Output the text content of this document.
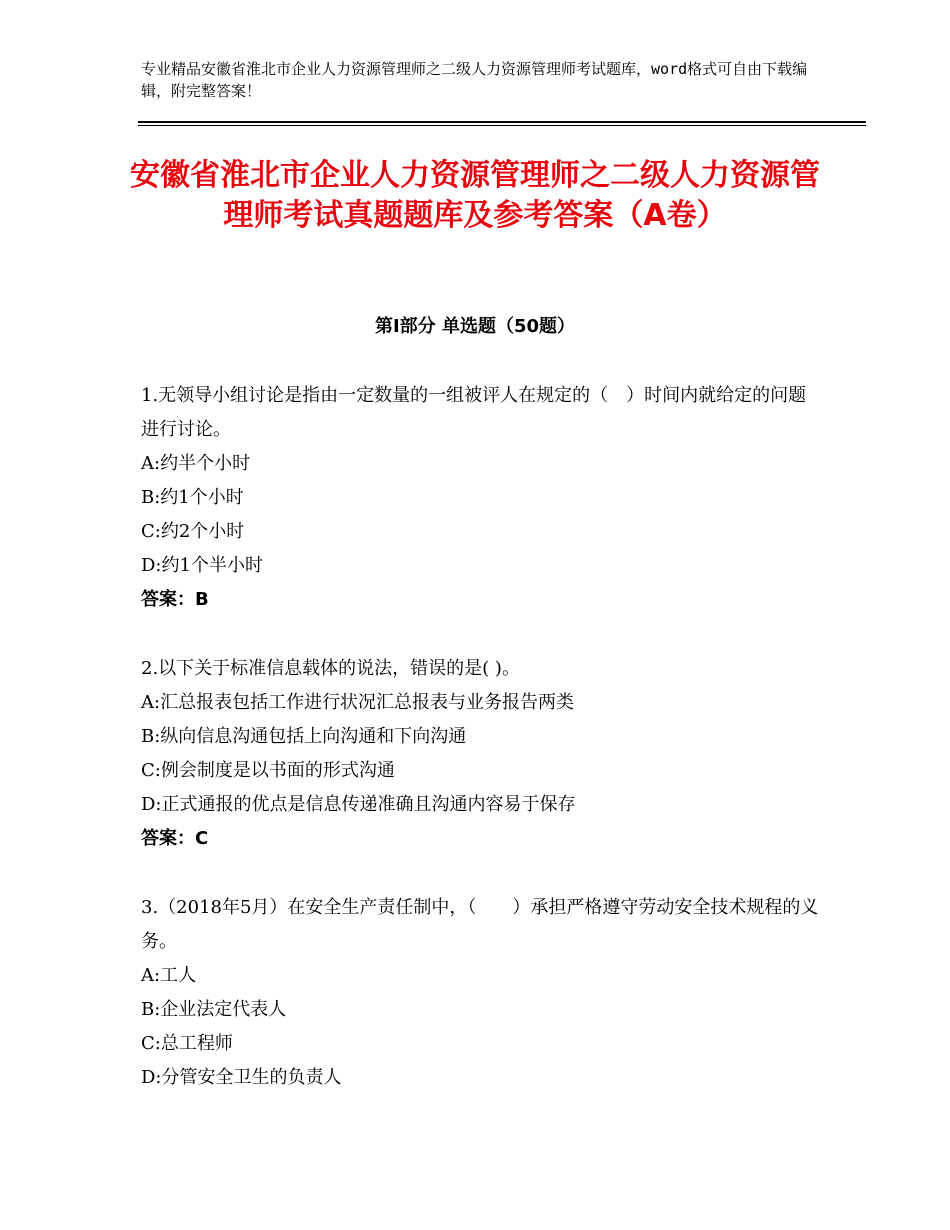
专业精品安徽省淮北市企业人力资源管理师之二级人力资源管理师考试题库，word格式可自由下载编辑，附完整答案！
安徽省淮北市企业人力资源管理师之二级人力资源管理师考试真题题库及参考答案（A卷）
第Ⅰ部分 单选题（50题）

1.无领导小组讨论是指由一定数量的一组被评人在规定的（　）时间内就给定的问题进行讨论。

A:约半个小时

B:约1个小时

C:约2个小时

D:约1个半小时

答案：B

2.以下关于标准信息载体的说法，错误的是( )。

A:汇总报表包括工作进行状况汇总报表与业务报告两类

B:纵向信息沟通包括上向沟通和下向沟通

C:例会制度是以书面的形式沟通

D:正式通报的优点是信息传递准确且沟通内容易于保存

答案：C

3.（2018年5月）在安全生产责任制中，（　　）承担严格遵守劳动安全技术规程的义务。

A:工人

B:企业法定代表人

C:总工程师

D:分管安全卫生的负责人
